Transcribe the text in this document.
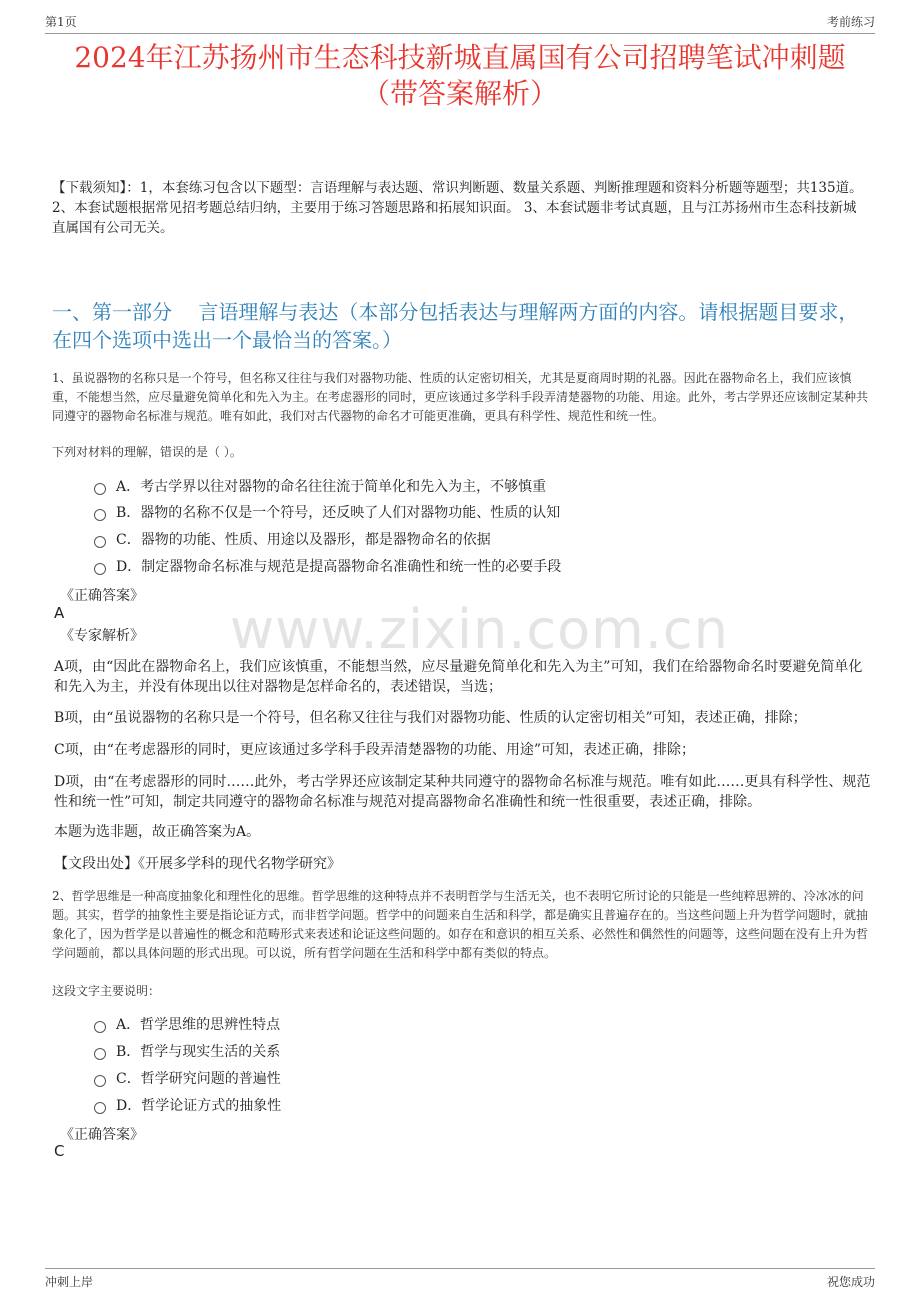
第1页	考前练习
www.zixin.com.cn
2024年江苏扬州市生态科技新城直属国有公司招聘笔试冲刺题
（带答案解析）
【下载须知】：1，本套练习包含以下题型：言语理解与表达题、常识判断题、数量关系题、判断推理题和资料分析题等题型；共135道。 2、本套试题根据常见招考题总结归纳，主要用于练习答题思路和拓展知识面。 3、本套试题非考试真题，且与江苏扬州市生态科技新城直属国有公司无关。
一、第一部分　 言语理解与表达（本部分包括表达与理解两方面的内容。请根据题目要求，在四个选项中选出一个最恰当的答案。）
1、虽说器物的名称只是一个符号，但名称又往往与我们对器物功能、性质的认定密切相关，尤其是夏商周时期的礼器。因此在器物命名上，我们应该慎重，不能想当然，应尽量避免简单化和先入为主。在考虑器形的同时，更应该通过多学科手段弄清楚器物的功能、用途。此外，考古学界还应该制定某种共同遵守的器物命名标准与规范。唯有如此，我们对古代器物的命名才可能更准确，更具有科学性、规范性和统一性。
下列对材料的理解，错误的是（ ）。
A．考古学界以往对器物的命名往往流于简单化和先入为主，不够慎重
B．器物的名称不仅是一个符号，还反映了人们对器物功能、性质的认知
C．器物的功能、性质、用途以及器形，都是器物命名的依据
D．制定器物命名标准与规范是提高器物命名准确性和统一性的必要手段
《正确答案》
A
《专家解析》
A项，由“因此在器物命名上，我们应该慎重，不能想当然，应尽量避免简单化和先入为主”可知，我们在给器物命名时要避免简单化和先入为主，并没有体现出以往对器物是怎样命名的，表述错误，当选；
B项，由“虽说器物的名称只是一个符号，但名称又往往与我们对器物功能、性质的认定密切相关”可知，表述正确，排除；
C项，由“在考虑器形的同时，更应该通过多学科手段弄清楚器物的功能、用途”可知，表述正确，排除；
D项，由“在考虑器形的同时……此外，考古学界还应该制定某种共同遵守的器物命名标准与规范。唯有如此……更具有科学性、规范性和统一性”可知，制定共同遵守的器物命名标准与规范对提高器物命名准确性和统一性很重要，表述正确，排除。
本题为选非题，故正确答案为A。
【文段出处】《开展多学科的现代名物学研究》
2、哲学思维是一种高度抽象化和理性化的思维。哲学思维的这种特点并不表明哲学与生活无关，也不表明它所讨论的只能是一些纯粹思辨的、冷冰冰的问题。其实，哲学的抽象性主要是指论证方式，而非哲学问题。哲学中的问题来自生活和科学，都是确实且普遍存在的。当这些问题上升为哲学问题时，就抽象化了，因为哲学是以普遍性的概念和范畴形式来表述和论证这些问题的。如存在和意识的相互关系、必然性和偶然性的问题等，这些问题在没有上升为哲学问题前，都以具体问题的形式出现。可以说，所有哲学问题在生活和科学中都有类似的特点。
这段文字主要说明：
A．哲学思维的思辨性特点
B．哲学与现实生活的关系
C．哲学研究问题的普遍性
D．哲学论证方式的抽象性
《正确答案》
C
冲刺上岸	祝您成功
